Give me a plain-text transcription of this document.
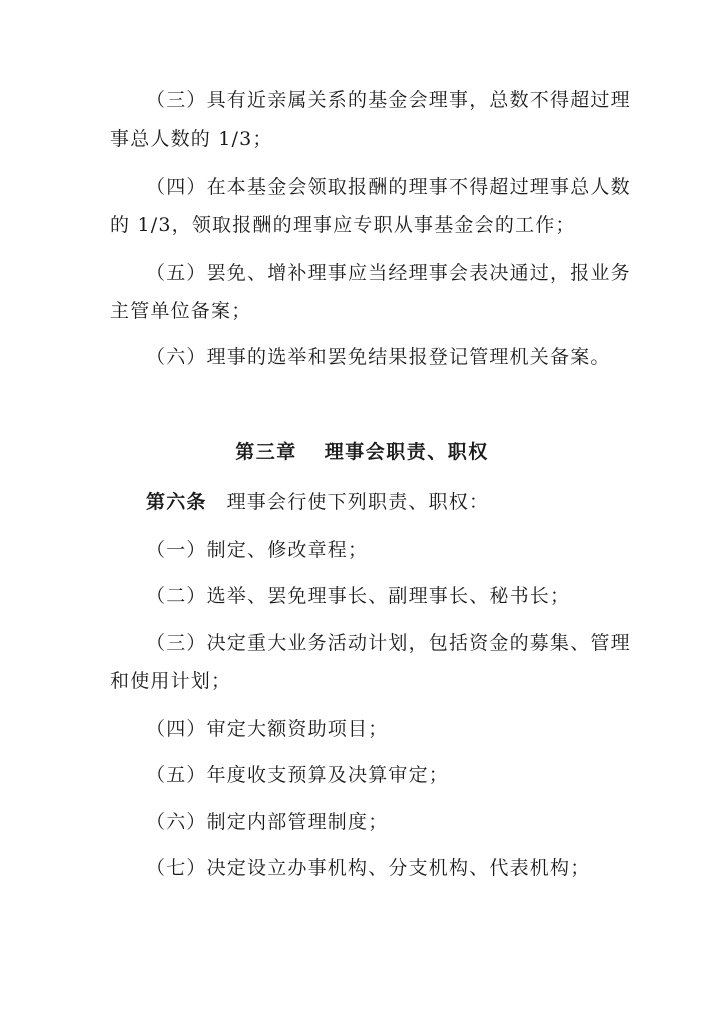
（三）具有近亲属关系的基金会理事，总数不得超过理
事总人数的 1/3；
（四）在本基金会领取报酬的理事不得超过理事总人数
的 1/3，领取报酬的理事应专职从事基金会的工作；
（五）罢免、增补理事应当经理事会表决通过，报业务
主管单位备案；
（六）理事的选举和罢免结果报登记管理机关备案。
第三章 理事会职责、职权
第六条 理事会行使下列职责、职权：
（一）制定、修改章程；
（二）选举、罢免理事长、副理事长、秘书长；
（三）决定重大业务活动计划，包括资金的募集、管理
和使用计划；
（四）审定大额资助项目；
（五）年度收支预算及决算审定；
（六）制定内部管理制度；
（七）决定设立办事机构、分支机构、代表机构；
